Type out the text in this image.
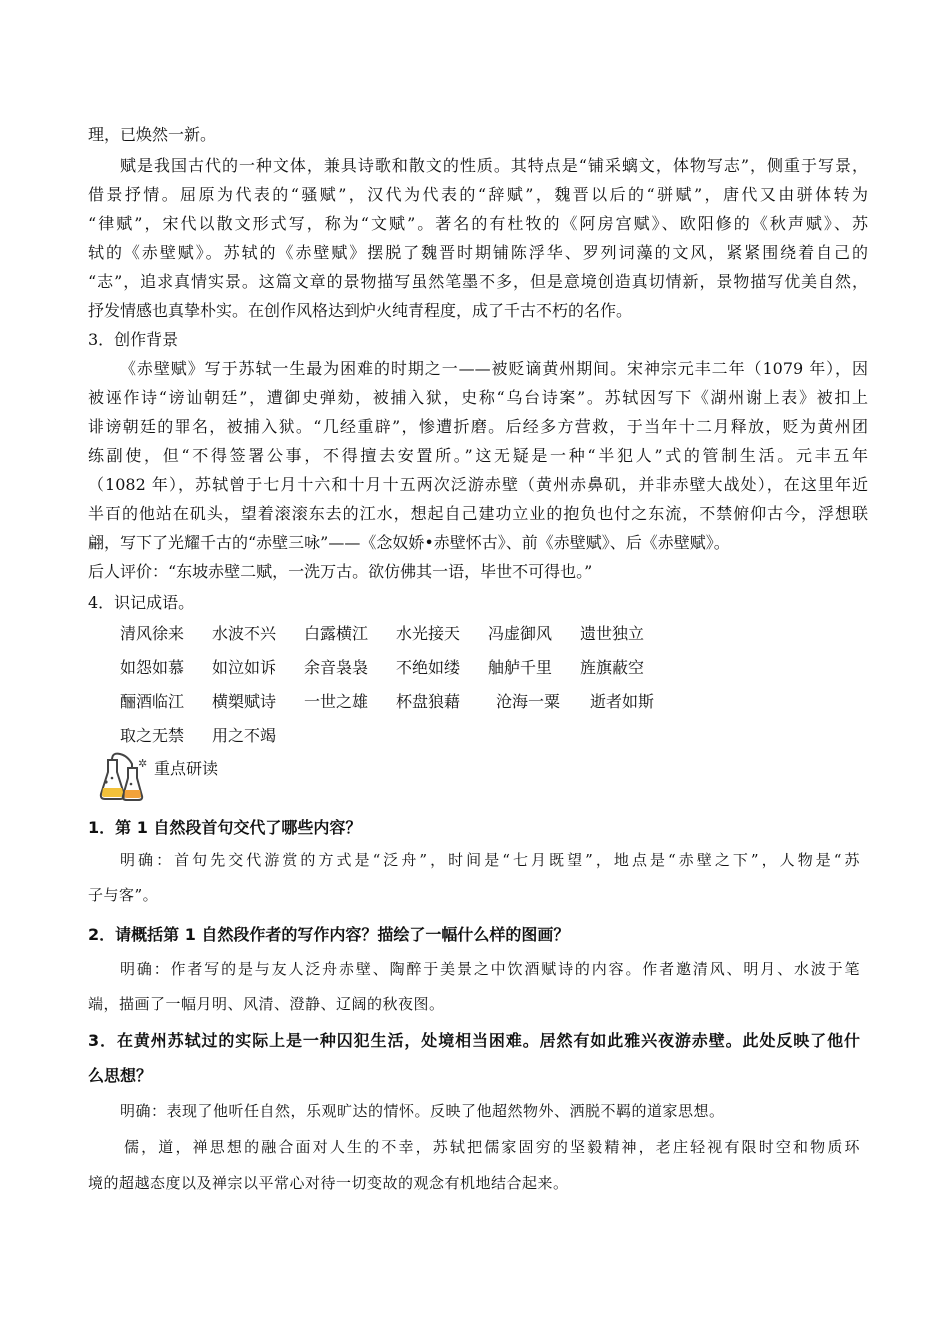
理，已焕然一新。
赋是我国古代的一种文体，兼具诗歌和散文的性质。其特点是“铺采螭文，体物写志”，侧重于写景，
借景抒情。屈原为代表的“骚赋”，汉代为代表的“辞赋”，魏晋以后的“骈赋”，唐代又由骈体转为
“律赋”，宋代以散文形式写，称为“文赋”。著名的有杜牧的《阿房宫赋》、欧阳修的《秋声赋》、苏
轼的《赤壁赋》。苏轼的《赤壁赋》摆脱了魏晋时期铺陈浮华、罗列词藻的文风，紧紧围绕着自己的
“志”，追求真情实景。这篇文章的景物描写虽然笔墨不多，但是意境创造真切情新，景物描写优美自然，
抒发情感也真挚朴实。在创作风格达到炉火纯青程度，成了千古不朽的名作。
3．创作背景
《赤壁赋》写于苏轼一生最为困难的时期之一——被贬谪黄州期间。宋神宗元丰二年（1079 年），因
被诬作诗“谤讪朝廷”，遭御史弹劾，被捕入狱，史称“乌台诗案”。苏轼因写下《湖州谢上表》被扣上
诽谤朝廷的罪名，被捕入狱。“几经重辟”，惨遭折磨。后经多方营救，于当年十二月释放，贬为黄州团
练副使，但“不得签署公事，不得擅去安置所。”这无疑是一种“半犯人”式的管制生活。元丰五年
（1082 年），苏轼曾于七月十六和十月十五两次泛游赤壁（黄州赤鼻矶，并非赤壁大战处），在这里年近
半百的他站在矶头，望着滚滚东去的江水，想起自己建功立业的抱负也付之东流，不禁俯仰古今，浮想联
翩，写下了光耀千古的“赤壁三咏”——《念奴娇•赤壁怀古》、前《赤壁赋》、后《赤壁赋》。
后人评价：“东坡赤壁二赋，一洗万古。欲仿佛其一语，毕世不可得也。”
4．识记成语。
清风徐来 水波不兴 白露横江 水光接天 冯虚御风 遗世独立
如怨如慕 如泣如诉 余音袅袅 不绝如缕 舳舻千里 旌旗蔽空
酾酒临江 横槊赋诗 一世之雄 杯盘狼藉 沧海一粟 逝者如斯
取之无禁 用之不竭
✲ 重点研读
1．第 1 自然段首句交代了哪些内容？
明确：首句先交代游赏的方式是“泛舟”，时间是“七月既望”，地点是“赤壁之下”，人物是“苏
子与客”。
2．请概括第 1 自然段作者的写作内容？描绘了一幅什么样的图画？
明确：作者写的是与友人泛舟赤壁、陶醉于美景之中饮酒赋诗的内容。作者邀清风、明月、水波于笔
端，描画了一幅月明、风清、澄静、辽阔的秋夜图。
3．在黄州苏轼过的实际上是一种囚犯生活，处境相当困难。居然有如此雅兴夜游赤壁。此处反映了他什
么思想？
明确：表现了他听任自然，乐观旷达的情怀。反映了他超然物外、洒脱不羁的道家思想。
儒，道，禅思想的融合面对人生的不幸，苏轼把儒家固穷的坚毅精神，老庄轻视有限时空和物质环
境的超越态度以及禅宗以平常心对待一切变故的观念有机地结合起来。
